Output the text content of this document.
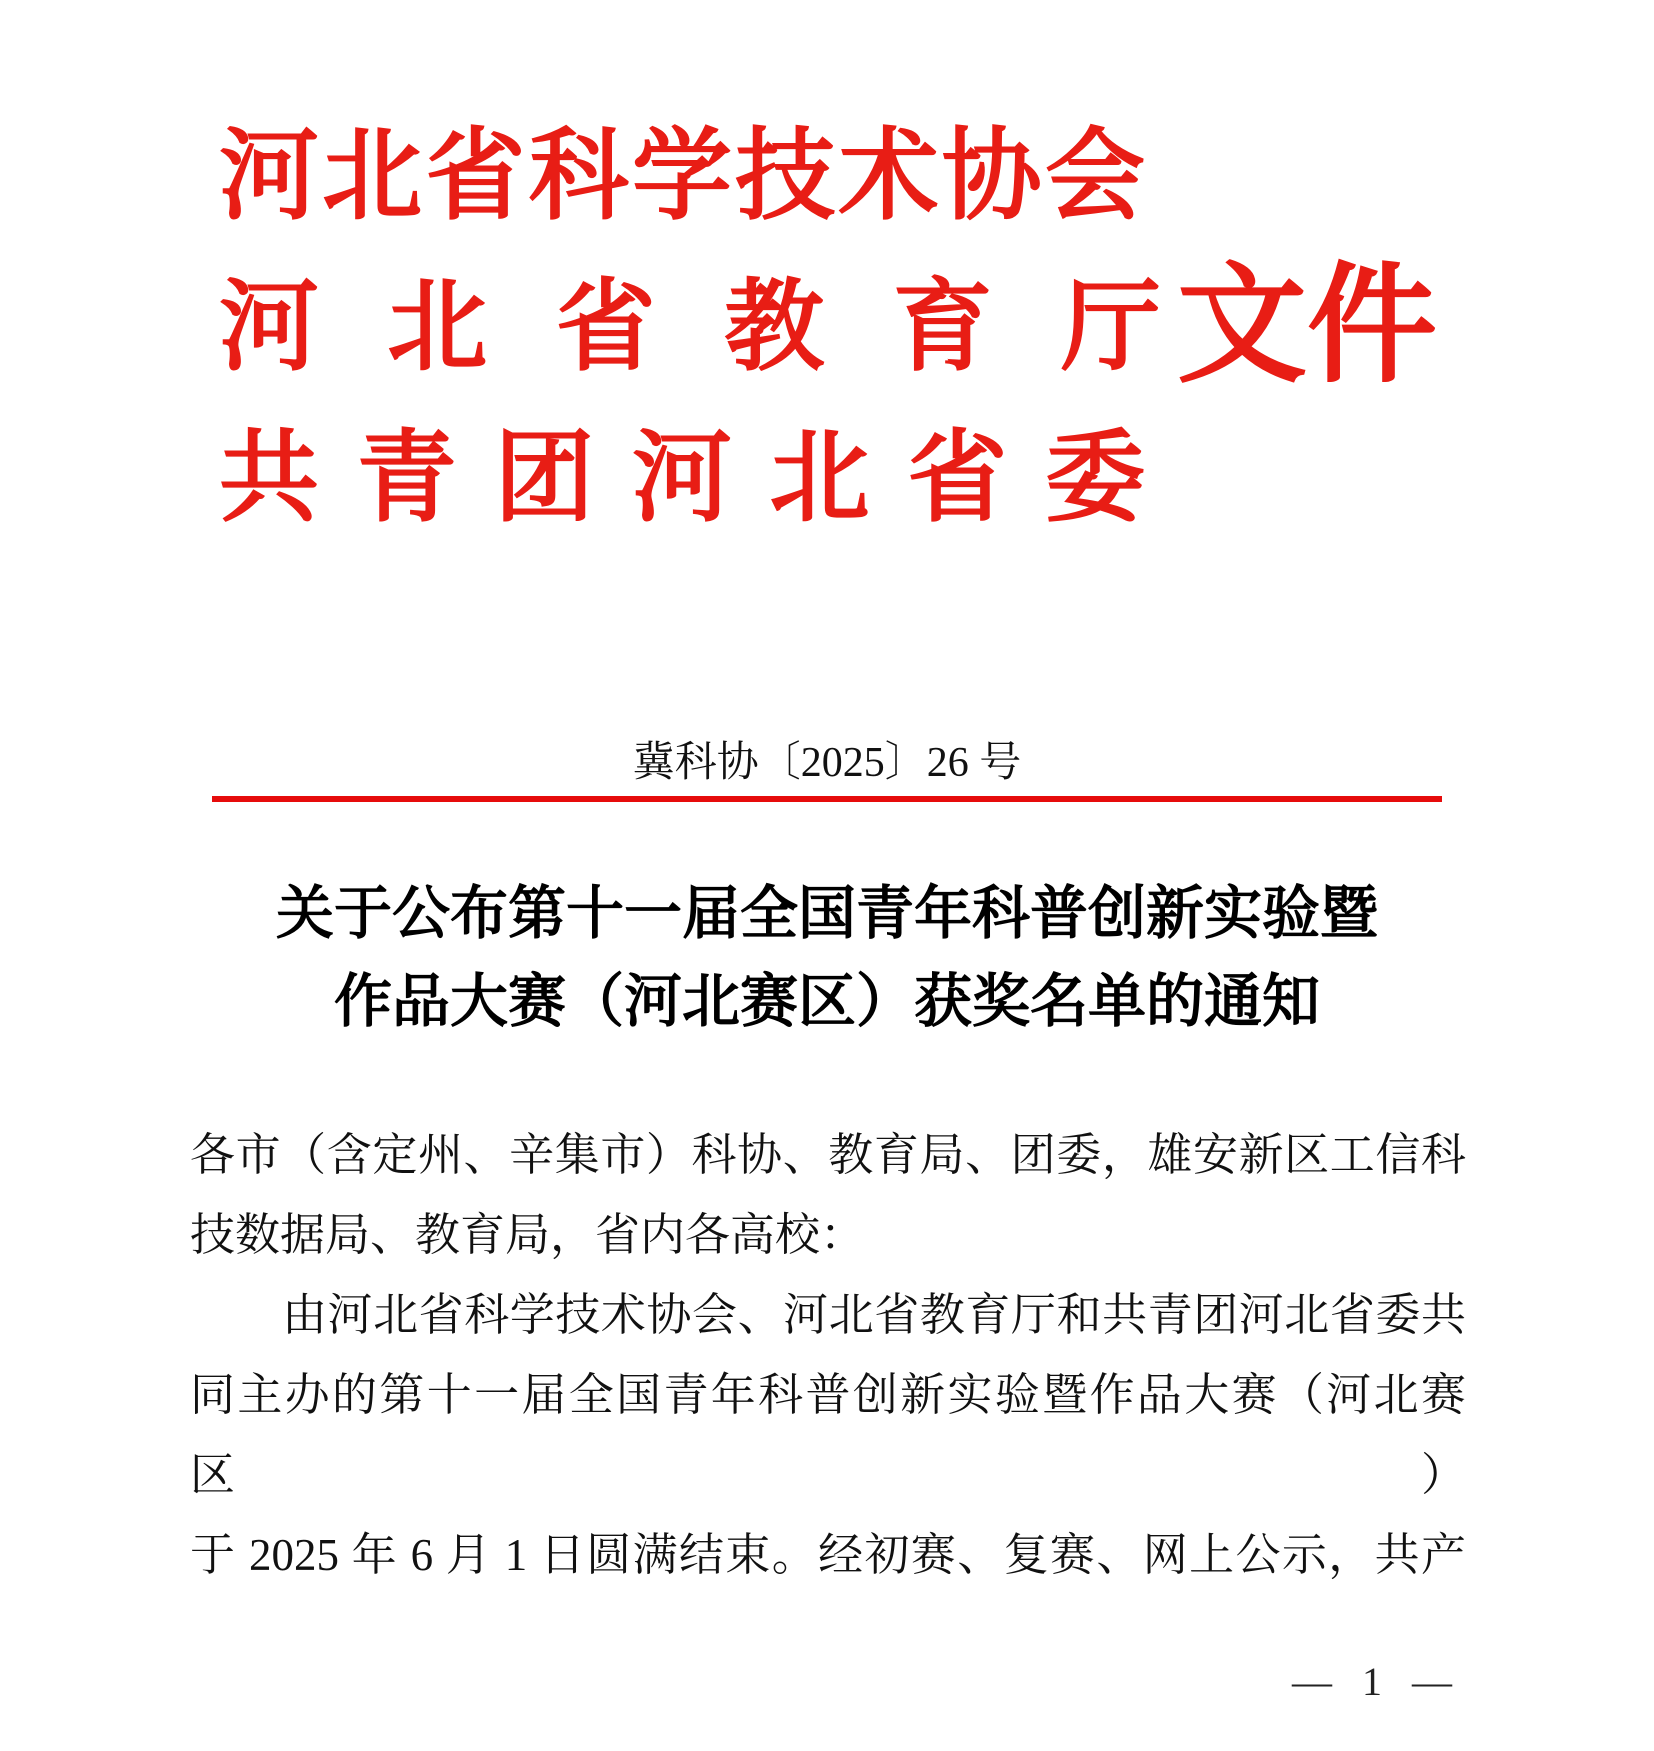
河北省科学技术协会
河北省教育厅 文件
共青团河北省委
冀科协〔2025〕26 号
关于公布第十一届全国青年科普创新实验暨
作品大赛（河北赛区）获奖名单的通知
各市（含定州、辛集市）科协、教育局、团委，雄安新区工信科
技数据局、教育局，省内各高校：
由河北省科学技术协会、河北省教育厅和共青团河北省委共
同主办的第十一届全国青年科普创新实验暨作品大赛（河北赛区）
于 2025 年 6 月 1 日圆满结束。经初赛、复赛、网上公示，共产
— 1 —
